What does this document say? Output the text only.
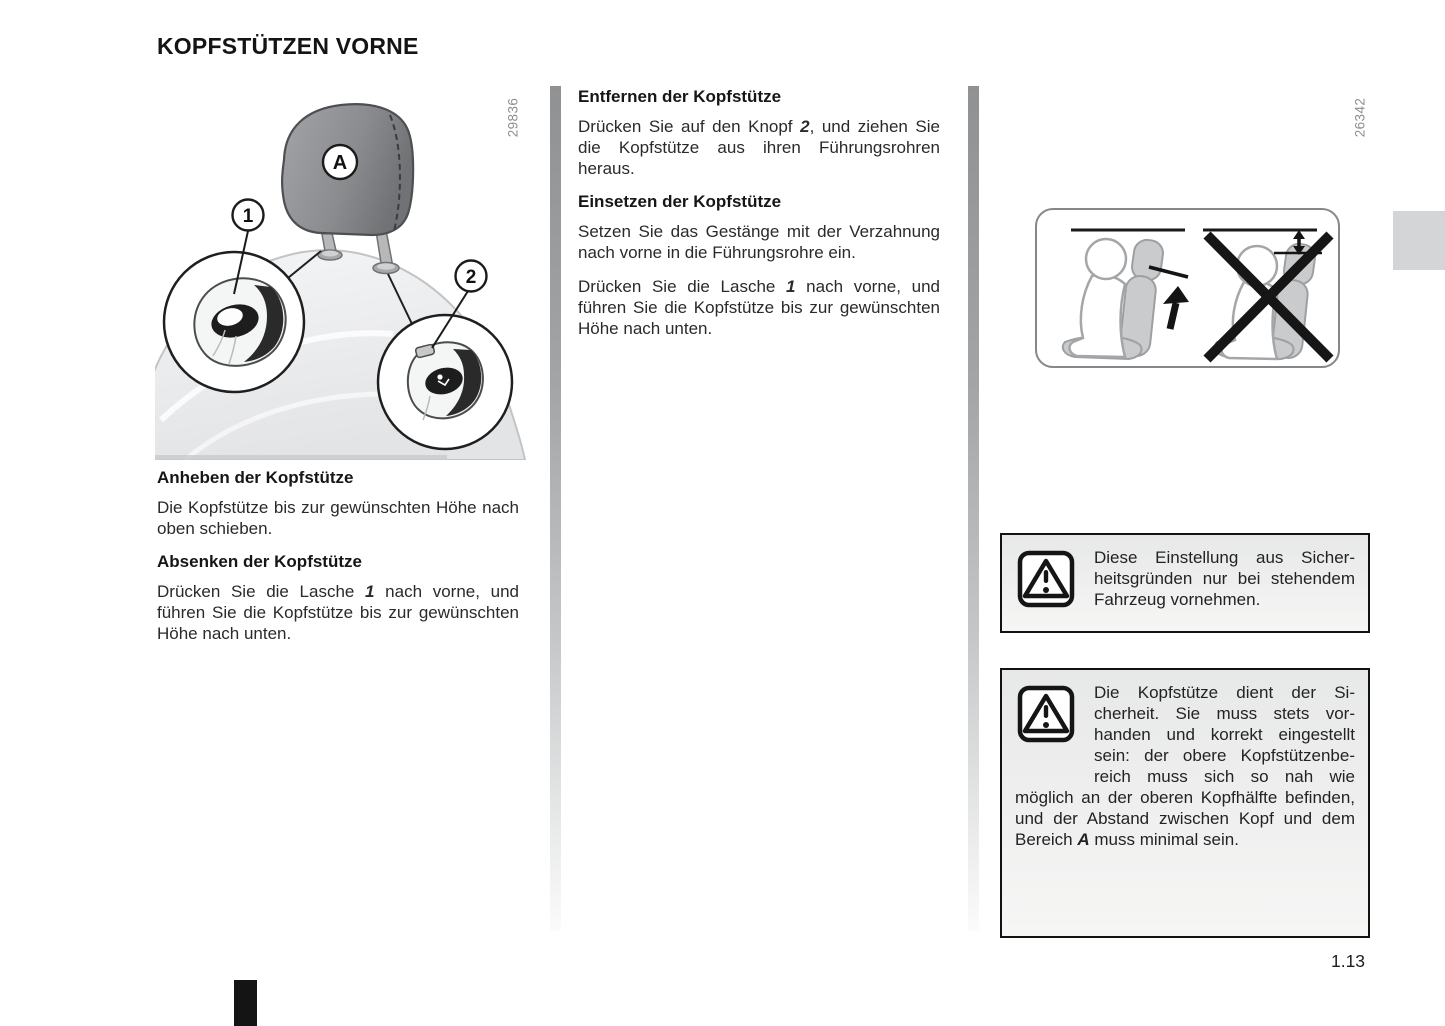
KOPFSTÜTZEN VORNE
A
1
2
29836
Anheben der Kopfstütze

Die Kopfstütze bis zur gewünschten Höhe nach oben schieben.

Absenken der Kopfstütze

Drücken Sie die Lasche 1 nach vorne, und führen Sie die Kopfstütze bis zur gewünschten Höhe nach unten.

Entfernen der Kopfstütze

Drücken Sie auf den Knopf 2, und ziehen Sie die Kopfstütze aus ihren Führungsrohren heraus.

Einsetzen der Kopfstütze

Setzen Sie das Gestänge mit der Verzahnung nach vorne in die Führungsrohre ein.

Drücken Sie die Lasche 1 nach vorne, und führen Sie die Kopfstütze bis zur gewünschten Höhe nach unten.

26342

Diese Einstellung aus Sicherheitsgründen nur bei stehendem Fahrzeug vornehmen.

Die Kopfstütze dient der Sicherheit. Sie muss stets vorhanden und korrekt eingestellt sein: der obere Kopfstützenbereich muss sich so nah wie möglich an der oberen Kopfhälfte befinden, und der Abstand zwischen Kopf und dem Bereich A muss minimal sein.

1.13
